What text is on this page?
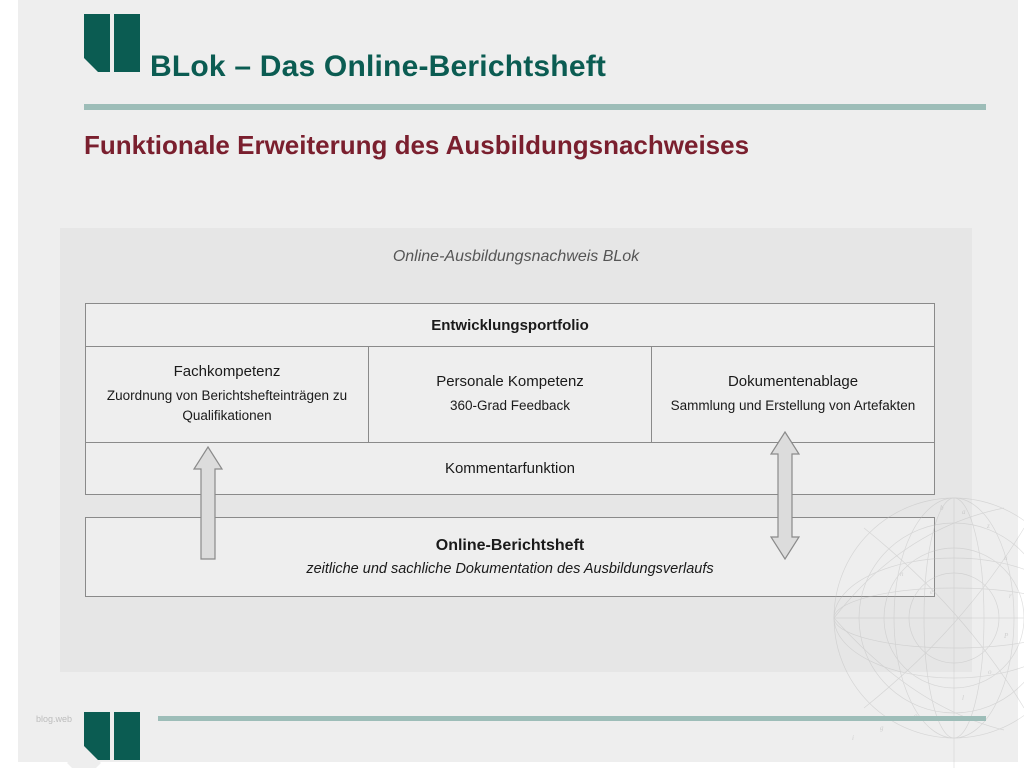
BLok – Das Online-Berichtsheft
Funktionale Erweiterung des Ausbildungsnachweises
Online-Ausbildungsnachweis BLok
Entwicklungsportfolio
Fachkompetenz
Zuordnung von Berichtshefteinträgen zu Qualifikationen
Personale Kompetenz
360-Grad Feedback
Dokumentenablage
Sammlung und Erstellung von Artefakten
Kommentarfunktion
Online-Berichtsheft
zeitliche und sachliche Dokumentation des Ausbildungsverlaufs
b	a
z
u
r
P
o
l
g
i
n
e
blog.web
